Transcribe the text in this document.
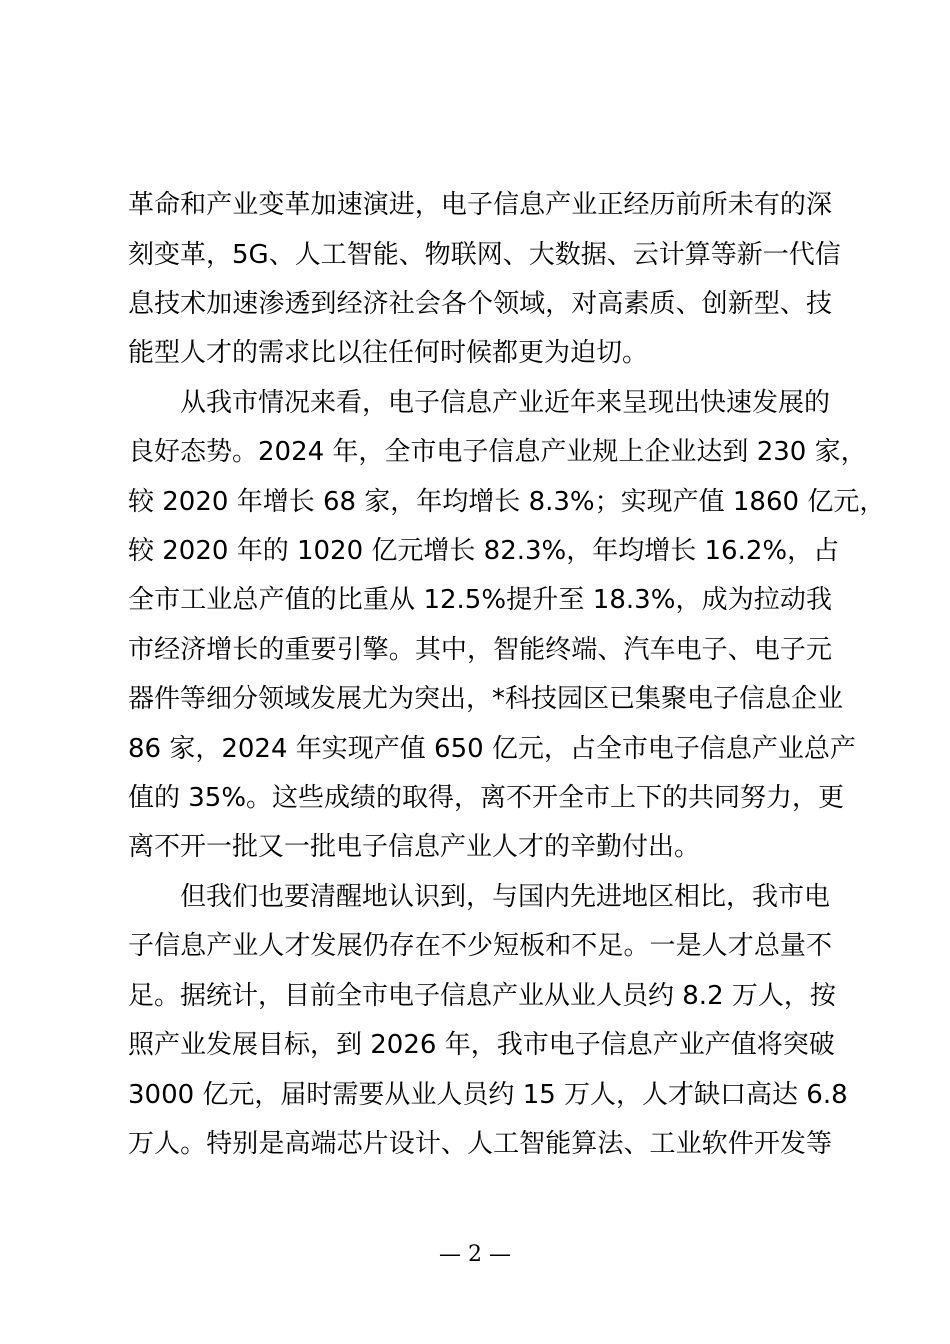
革命和产业变革加速演进，电子信息产业正经历前所未有的深
刻变革，5G、人工智能、物联网、大数据、云计算等新一代信
息技术加速渗透到经济社会各个领域，对高素质、创新型、技
能型人才的需求比以往任何时候都更为迫切。
从我市情况来看，电子信息产业近年来呈现出快速发展的
良好态势。2024 年，全市电子信息产业规上企业达到 230 家，
较 2020 年增长 68 家，年均增长 8.3%；实现产值 1860 亿元，
较 2020 年的 1020 亿元增长 82.3%，年均增长 16.2%，占
全市工业总产值的比重从 12.5%提升至 18.3%，成为拉动我
市经济增长的重要引擎。其中，智能终端、汽车电子、电子元
器件等细分领域发展尤为突出，*科技园区已集聚电子信息企业
86 家，2024 年实现产值 650 亿元，占全市电子信息产业总产
值的 35%。这些成绩的取得，离不开全市上下的共同努力，更
离不开一批又一批电子信息产业人才的辛勤付出。
但我们也要清醒地认识到，与国内先进地区相比，我市电
子信息产业人才发展仍存在不少短板和不足。一是人才总量不
足。据统计，目前全市电子信息产业从业人员约 8.2 万人，按
照产业发展目标，到 2026 年，我市电子信息产业产值将突破
3000 亿元，届时需要从业人员约 15 万人，人才缺口高达 6.8
万人。特别是高端芯片设计、人工智能算法、工业软件开发等
— 2 —
